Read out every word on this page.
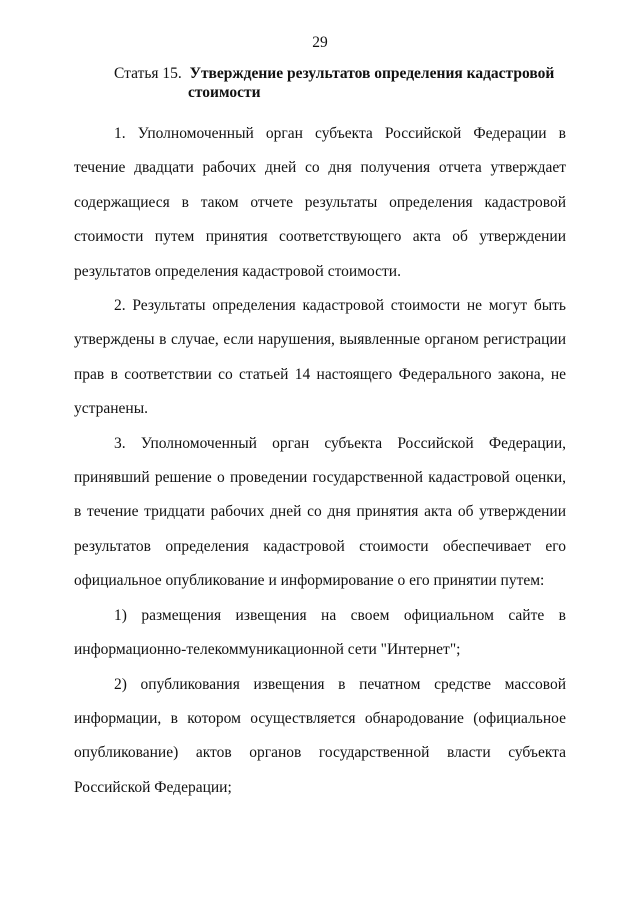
29
Статья 15. Утверждение результатов определения кадастровой
стоимости

1. Уполномоченный орган субъекта Российской Федерации в течение двадцати рабочих дней со дня получения отчета утверждает содержащиеся в таком отчете результаты определения кадастровой стоимости путем принятия соответствующего акта об утверждении результатов определения кадастровой стоимости.

2. Результаты определения кадастровой стоимости не могут быть утверждены в случае, если нарушения, выявленные органом регистрации прав в соответствии со статьей 14 настоящего Федерального закона, не устранены.

3. Уполномоченный орган субъекта Российской Федерации, принявший решение о проведении государственной кадастровой оценки, в течение тридцати рабочих дней со дня принятия акта об утверждении результатов определения кадастровой стоимости обеспечивает его официальное опубликование и информирование о его принятии путем:

1) размещения извещения на своем официальном сайте в информационно-телекоммуникационной сети "Интернет";

2) опубликования извещения в печатном средстве массовой информации, в котором осуществляется обнародование (официальное опубликование) актов органов государственной власти субъекта Российской Федерации;
